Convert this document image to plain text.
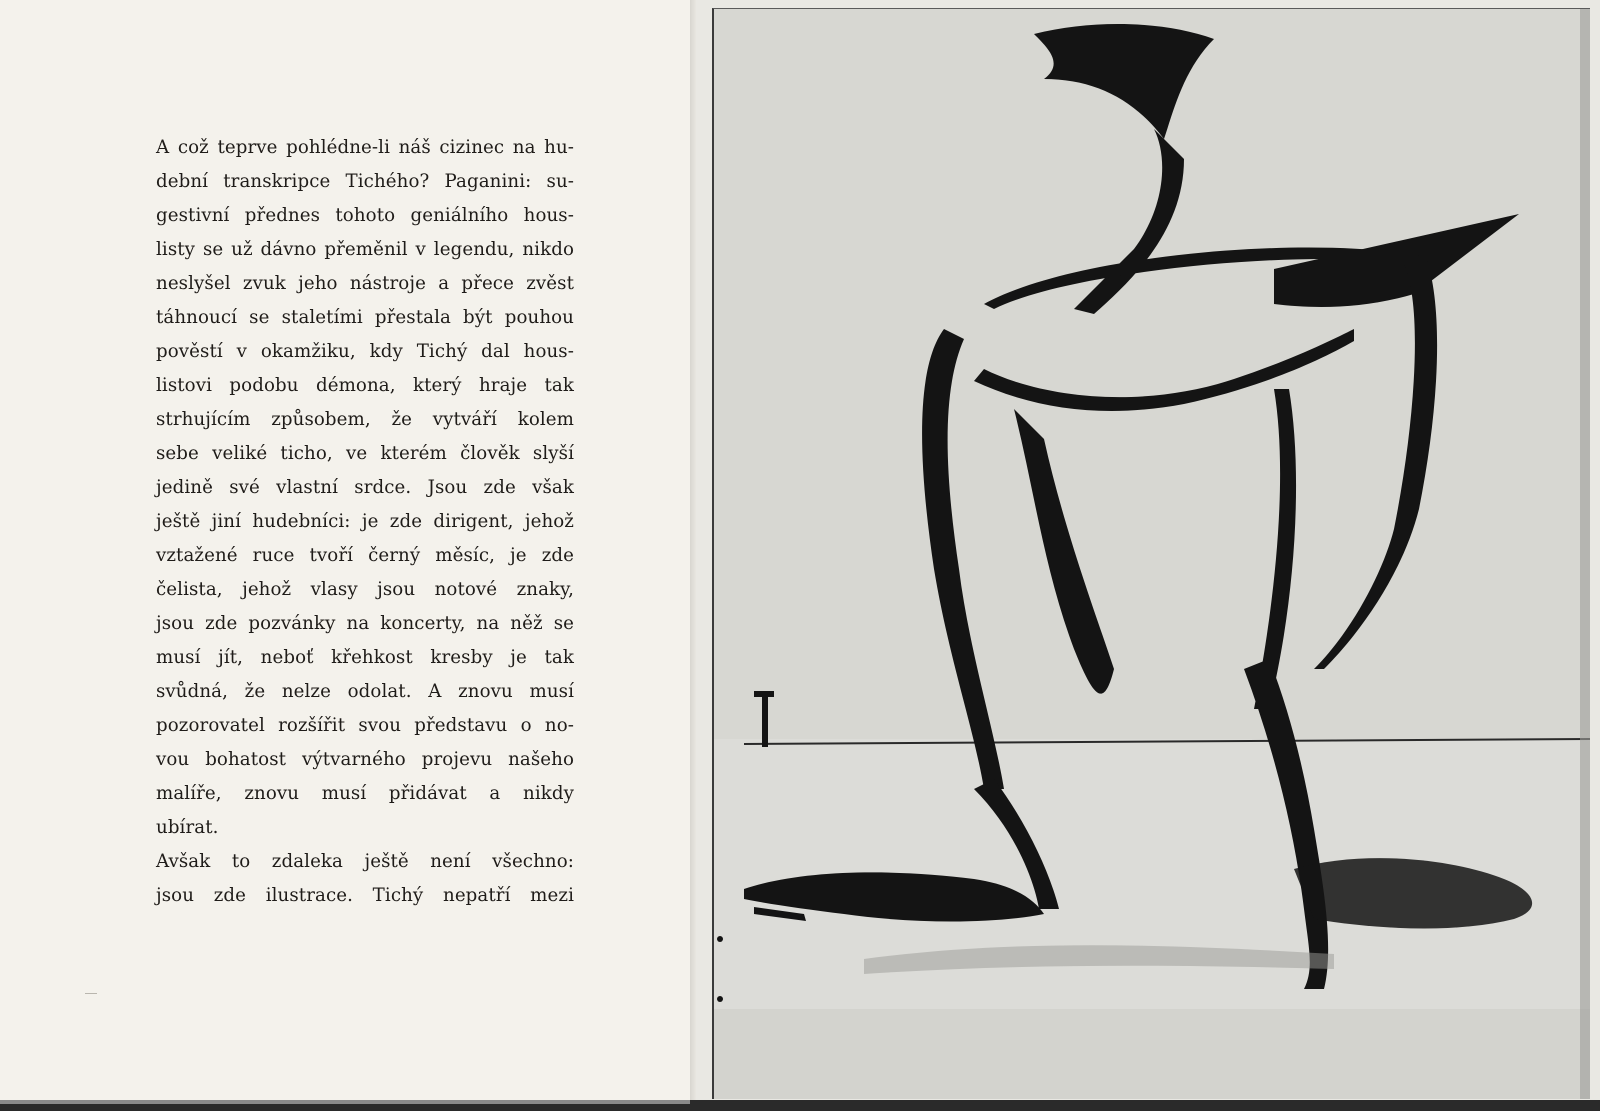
A což teprve pohlédne-li náš cizinec na hu-
dební transkripce Tichého? Paganini: su-
gestivní přednes tohoto geniálního hous-
listy se už dávno přeměnil v legendu, nikdo
neslyšel zvuk jeho nástroje a přece zvěst
táhnoucí se staletími přestala být pouhou
pověstí v okamžiku, kdy Tichý dal hous-
listovi podobu démona, který hraje tak
strhujícím způsobem, že vytváří kolem
sebe veliké ticho, ve kterém člověk slyší
jedině své vlastní srdce. Jsou zde však
ještě jiní hudebníci: je zde dirigent, jehož
vztažené ruce tvoří černý měsíc, je zde
čelista, jehož vlasy jsou notové znaky,
jsou zde pozvánky na koncerty, na něž se
musí jít, neboť křehkost kresby je tak
svůdná, že nelze odolat. A znovu musí
pozorovatel rozšířit svou představu o no-
vou bohatost výtvarného projevu našeho
malíře, znovu musí přidávat a nikdy
ubírat.
Avšak to zdaleka ještě není všechno:
jsou zde ilustrace. Tichý nepatří mezi
